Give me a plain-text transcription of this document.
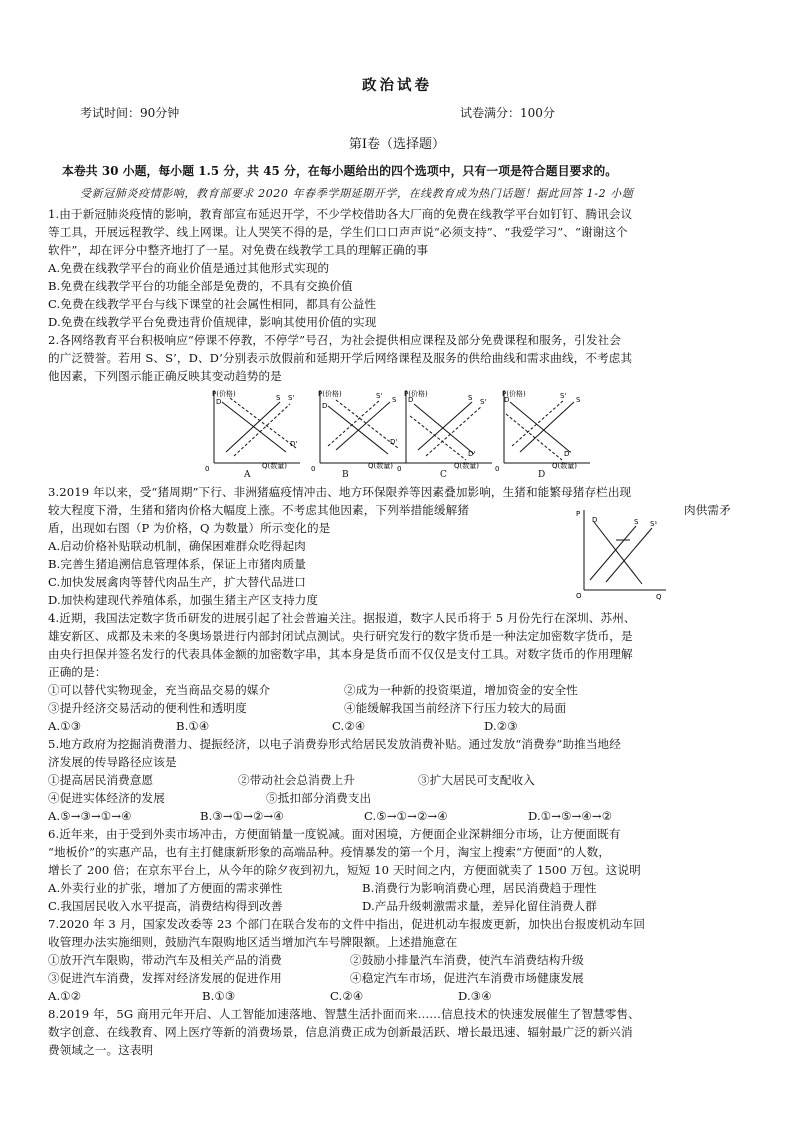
政治试卷
考试时间：90分钟	试卷满分：100分
第Ⅰ卷（选择题）
本卷共 30 小题，每小题 1.5 分，共 45 分，在每小题给出的四个选项中，只有一项是符合题目要求的。
受新冠肺炎疫情影响，教育部要求 2020 年春季学期延期开学，在线教育成为热门话题！据此回答 1-2 小题
1.由于新冠肺炎疫情的影响，教育部宣布延迟开学，不少学校借助各大厂商的免费在线教学平台如钉钉、腾讯会议
等工具，开展远程教学、线上网课。让人哭笑不得的是，学生们口口声声说“必须支持”、“我爱学习”、“谢谢这个
软件”，却在评分中整齐地打了一星。对免费在线教学工具的理解正确的事
A.免费在线教学平台的商业价值是通过其他形式实现的
B.免费在线教学平台的功能全部是免费的，不具有交换价值
C.免费在线教学平台与线下课堂的社会属性相同，都具有公益性
D.免费在线教学平台免费违背价值规律，影响其使用价值的实现
2.各网络教育平台积极响应“停课不停教，不停学”号召，为社会提供相应课程及部分免费课程和服务，引发社会
的广泛赞誉。若用 S、S’，D、D’分别表示放假前和延期开学后网络课程及服务的供给曲线和需求曲线，不考虑其
他因素，下列图示能正确反映其变动趋势的是
P(价格)
0	Q(数量)
D	S S'
D'
P(价格)
0	Q(数量)
D
S
S'
D'
P(价格)
0	Q(数量)
D	S S'
D'
P(价格)
0	Q(数量)
D	S
S'
D'
A	B	C	D
3.2019 年以来，受“猪周期”下行、非洲猪瘟疫情冲击、地方环保限养等因素叠加影响，生猪和能繁母猪存栏出现
较大程度下滑，生猪和猪肉价格大幅度上涨。不考虑其他因素，下列举措能缓解猪	肉供需矛
盾，出现如右图（P 为价格，Q 为数量）所示变化的是
A.启动价格补贴联动机制，确保困难群众吃得起肉
B.完善生猪追溯信息管理体系，保证上市猪肉质量
C.加快发展禽肉等替代肉品生产，扩大替代品进口
D.加快构建现代养殖体系，加强生猪主产区支持力度
P
O	Q
D	S S¹
4.近期，我国法定数字货币研发的进展引起了社会普遍关注。据报道，数字人民币将于 5 月份先行在深圳、苏州、
雄安新区、成都及未来的冬奥场景进行内部封闭试点测试。央行研究发行的数字货币是一种法定加密数字货币，是
由央行担保并签名发行的代表具体金额的加密数字串，其本身是货币而不仅仅是支付工具。对数字货币的作用理解
正确的是：
①可以替代实物现金，充当商品交易的媒介	②成为一种新的投资渠道，增加资金的安全性
③提升经济交易活动的便利性和透明度	④能缓解我国当前经济下行压力较大的局面
A.①③	B.①④	C.②④	D.②③
5.地方政府为挖掘消费潜力、提振经济，以电子消费券形式给居民发放消费补贴。通过发放“消费券”助推当地经
济发展的传导路径应该是
①提高居民消费意愿	②带动社会总消费上升	③扩大居民可支配收入
④促进实体经济的发展	⑤抵扣部分消费支出
A.⑤→③→①→④	B.③→①→②→④	C.⑤→①→②→④	D.①→⑤→④→②
6.近年来，由于受到外卖市场冲击，方便面销量一度锐减。面对困境，方便面企业深耕细分市场，让方便面既有
“地板价”的实惠产品，也有主打健康新形象的高端品种。疫情暴发的第一个月，淘宝上搜索“方便面”的人数，
增长了 200 倍；在京东平台上，从今年的除夕夜到初九，短短 10 天时间之内，方便面就卖了 1500 万包。这说明
A.外卖行业的扩张，增加了方便面的需求弹性	B.消费行为影响消费心理，居民消费趋于理性
C.我国居民收入水平提高，消费结构得到改善	D.产品升级刺激需求量，差异化留住消费人群
7.2020 年 3 月，国家发改委等 23 个部门在联合发布的文件中指出，促进机动车报废更新，加快出台报废机动车回
收管理办法实施细则，鼓励汽车限购地区适当增加汽车号牌限额。上述措施意在
①放开汽车限购，带动汽车及相关产品的消费	②鼓励小排量汽车消费，使汽车消费结构升级
③促进汽车消费，发挥对经济发展的促进作用	④稳定汽车市场，促进汽车消费市场健康发展
A.①②	B.①③	C.②④	D.③④
8.2019 年，5G 商用元年开启、人工智能加速落地、智慧生活扑面而来……信息技术的快速发展催生了智慧零售、
数字创意、在线教育、网上医疗等新的消费场景，信息消费正成为创新最活跃、增长最迅速、辐射最广泛的新兴消
费领域之一。这表明
